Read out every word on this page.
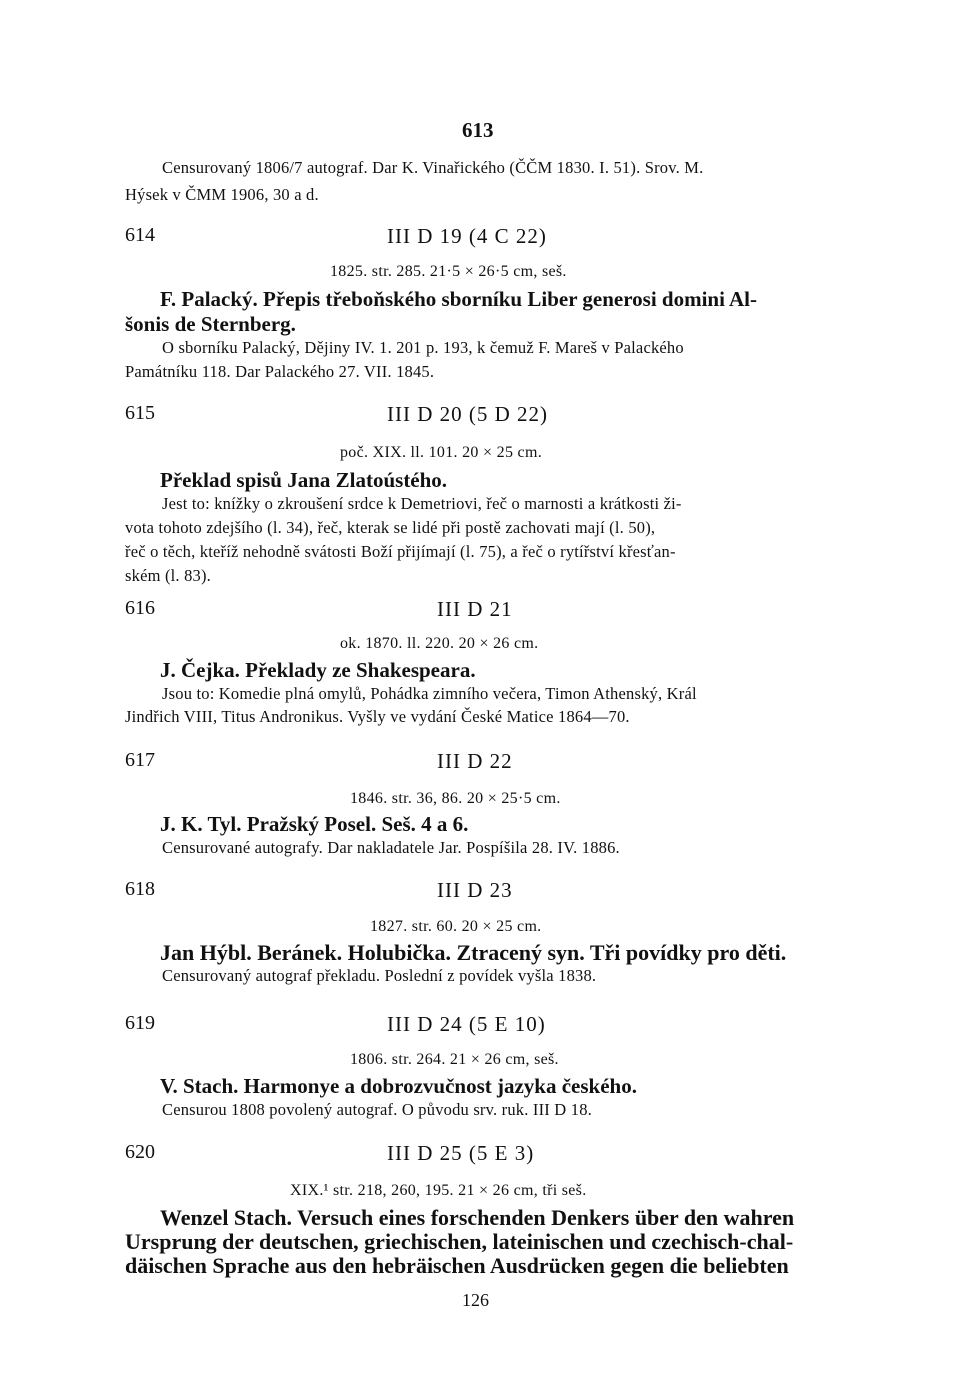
613
Censurovaný 1806/7 autograf. Dar K. Vinařického (ČČM 1830. I. 51). Srov. M.
Hýsek v ČMM 1906, 30 a d.
614	III D 19 (4 C 22)
1825. str. 285. 21·5 × 26·5 cm, seš.
F. Palacký. Přepis třeboňského sborníku Liber generosi domini Al-
šonis de Sternberg.
O sborníku Palacký, Dějiny IV. 1. 201 p. 193, k čemuž F. Mareš v Palackého
Památníku 118. Dar Palackého 27. VII. 1845.
615	III D 20 (5 D 22)
poč. XIX. ll. 101. 20 × 25 cm.
Překlad spisů Jana Zlatoústého.
Jest to: knížky o zkroušení srdce k Demetriovi, řeč o marnosti a krátkosti ži-
vota tohoto zdejšího (l. 34), řeč, kterak se lidé při postě zachovati mají (l. 50),
řeč o těch, kteříž nehodně svátosti Boží přijímají (l. 75), a řeč o rytířství křesťan-
ském (l. 83).
616	III D 21
ok. 1870. ll. 220. 20 × 26 cm.
J. Čejka. Překlady ze Shakespeara.
Jsou to: Komedie plná omylů, Pohádka zimního večera, Timon Athenský, Král
Jindřich VIII, Titus Andronikus. Vyšly ve vydání České Matice 1864—70.
617	III D 22
1846. str. 36, 86. 20 × 25·5 cm.
J. K. Tyl. Pražský Posel. Seš. 4 a 6.
Censurované autografy. Dar nakladatele Jar. Pospíšila 28. IV. 1886.
618	III D 23
1827. str. 60. 20 × 25 cm.
Jan Hýbl. Beránek. Holubička. Ztracený syn. Tři povídky pro děti.
Censurovaný autograf překladu. Poslední z povídek vyšla 1838.
619	III D 24 (5 E 10)
1806. str. 264. 21 × 26 cm, seš.
V. Stach. Harmonye a dobrozvučnost jazyka českého.
Censurou 1808 povolený autograf. O původu srv. ruk. III D 18.
620	III D 25 (5 E 3)
XIX.¹ str. 218, 260, 195. 21 × 26 cm, tři seš.
Wenzel Stach. Versuch eines forschenden Denkers über den wahren
Ursprung der deutschen, griechischen, lateinischen und czechisch-chal-
däischen Sprache aus den hebräischen Ausdrücken gegen die beliebten
126
